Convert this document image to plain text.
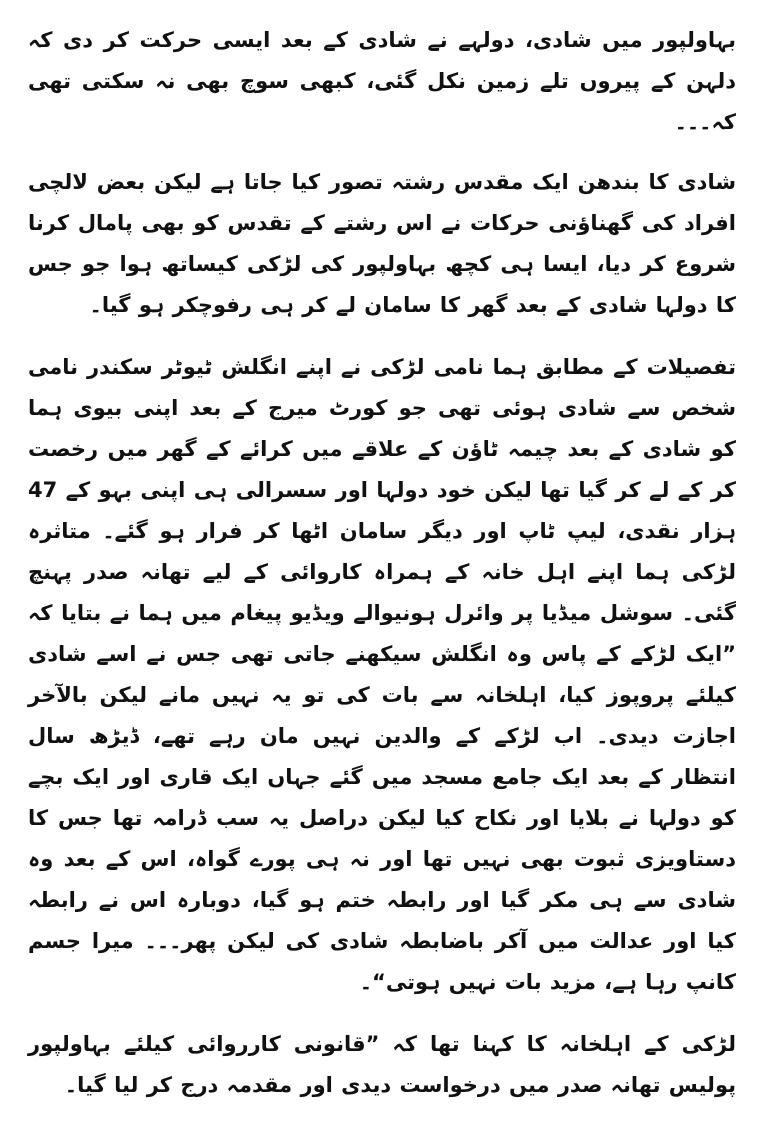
بہاولپور میں شادی، دولہے نے شادی کے بعد ایسی حرکت کر دی کہ دلہن کے پیروں تلے زمین نکل گئی، کبھی سوچ بھی نہ سکتی تھی کہ۔۔۔

شادی کا بندھن ایک مقدس رشتہ تصور کیا جاتا ہے لیکن بعض لالچی افراد کی گھناؤنی حرکات نے اس رشتے کے تقدس کو بھی پامال کرنا شروع کر دیا، ایسا ہی کچھ بہاولپور کی لڑکی کیساتھ ہوا جو جس کا دولہا شادی کے بعد گھر کا سامان لے کر ہی رفوچکر ہو گیا۔

تفصیلات کے مطابق ہما نامی لڑکی نے اپنے انگلش ٹیوٹر سکندر نامی شخص سے شادی ہوئی تھی جو کورٹ میرج کے بعد اپنی بیوی ہما کو شادی کے بعد چیمہ ٹاؤن کے علاقے میں کرائے کے گھر میں رخصت کر کے لے کر گیا تھا لیکن خود دولہا اور سسرالی ہی اپنی بہو کے 47 ہزار نقدی، لیپ ٹاپ اور دیگر سامان اٹھا کر فرار ہو گئے۔ متاثرہ لڑکی ہما اپنے اہل خانہ کے ہمراہ کاروائی کے لیے تھانہ صدر پہنچ گئی۔ سوشل میڈیا پر وائرل ہونیوالے ویڈیو پیغام میں ہما نے بتایا کہ ”ایک لڑکے کے پاس وہ انگلش سیکھنے جاتی تھی جس نے اسے شادی کیلئے پروپوز کیا، اہلخانہ سے بات کی تو یہ نہیں مانے لیکن بالآخر اجازت دیدی۔ اب لڑکے کے والدین نہیں مان رہے تھے، ڈیڑھ سال انتظار کے بعد ایک جامع مسجد میں گئے جہاں ایک قاری اور ایک بچے کو دولہا نے بلایا اور نکاح کیا لیکن دراصل یہ سب ڈرامہ تھا جس کا دستاویزی ثبوت بھی نہیں تھا اور نہ ہی پورے گواہ، اس کے بعد وہ شادی سے ہی مکر گیا اور رابطہ ختم ہو گیا، دوبارہ اس نے رابطہ کیا اور عدالت میں آکر باضابطہ شادی کی لیکن پھر۔۔۔ میرا جسم کانپ رہا ہے، مزید بات نہیں ہوتی“۔

لڑکی کے اہلخانہ کا کہنا تھا کہ ”قانونی کارروائی کیلئے بہاولپور پولیس تھانہ صدر میں درخواست دیدی اور مقدمہ درج کر لیا گیا۔
